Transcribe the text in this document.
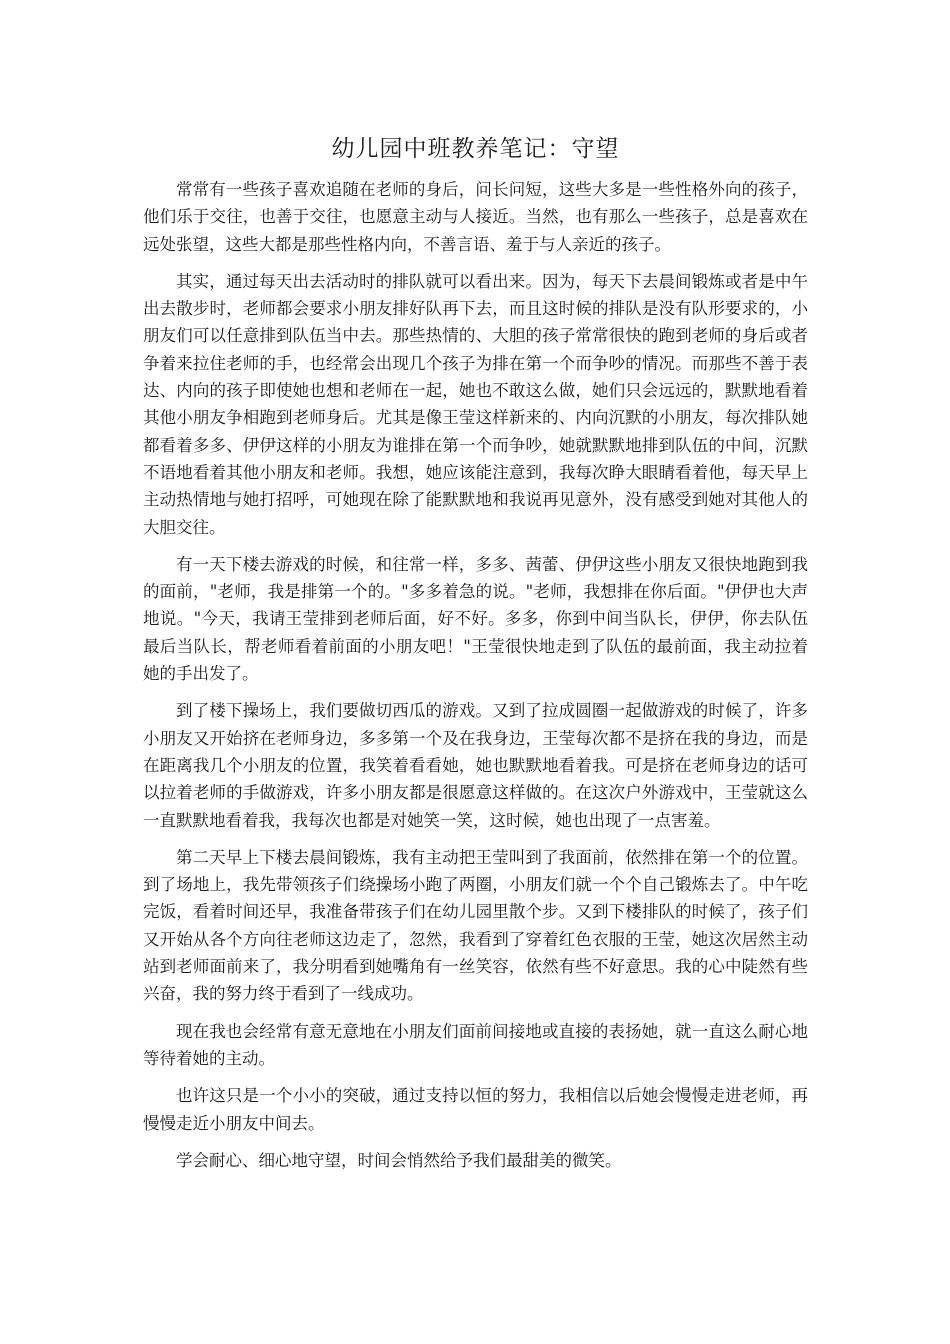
幼儿园中班教养笔记：守望

常常有一些孩子喜欢追随在老师的身后，问长问短，这些大多是一些性格外向的孩子，他们乐于交往，也善于交往，也愿意主动与人接近。当然，也有那么一些孩子，总是喜欢在远处张望，这些大都是那些性格内向，不善言语、羞于与人亲近的孩子。

其实，通过每天出去活动时的排队就可以看出来。因为，每天下去晨间锻炼或者是中午出去散步时，老师都会要求小朋友排好队再下去，而且这时候的排队是没有队形要求的，小朋友们可以任意排到队伍当中去。那些热情的、大胆的孩子常常很快的跑到老师的身后或者争着来拉住老师的手，也经常会出现几个孩子为排在第一个而争吵的情况。而那些不善于表达、内向的孩子即使她也想和老师在一起，她也不敢这么做，她们只会远远的，默默地看着其他小朋友争相跑到老师身后。尤其是像王莹这样新来的、内向沉默的小朋友，每次排队她都看着多多、伊伊这样的小朋友为谁排在第一个而争吵，她就默默地排到队伍的中间，沉默不语地看着其他小朋友和老师。我想，她应该能注意到，我每次睁大眼睛看着他，每天早上主动热情地与她打招呼，可她现在除了能默默地和我说再见意外，没有感受到她对其他人的大胆交往。

有一天下楼去游戏的时候，和往常一样，多多、茜蕾、伊伊这些小朋友又很快地跑到我的面前，"老师，我是排第一个的。"多多着急的说。"老师，我想排在你后面。"伊伊也大声地说。"今天，我请王莹排到老师后面，好不好。多多，你到中间当队长，伊伊，你去队伍最后当队长，帮老师看着前面的小朋友吧！"王莹很快地走到了队伍的最前面，我主动拉着她的手出发了。

到了楼下操场上，我们要做切西瓜的游戏。又到了拉成圆圈一起做游戏的时候了，许多小朋友又开始挤在老师身边，多多第一个及在我身边，王莹每次都不是挤在我的身边，而是在距离我几个小朋友的位置，我笑着看看她，她也默默地看着我。可是挤在老师身边的话可以拉着老师的手做游戏，许多小朋友都是很愿意这样做的。在这次户外游戏中，王莹就这么一直默默地看着我，我每次也都是对她笑一笑，这时候，她也出现了一点害羞。

第二天早上下楼去晨间锻炼，我有主动把王莹叫到了我面前，依然排在第一个的位置。到了场地上，我先带领孩子们绕操场小跑了两圈，小朋友们就一个个自己锻炼去了。中午吃完饭，看着时间还早，我准备带孩子们在幼儿园里散个步。又到下楼排队的时候了，孩子们又开始从各个方向往老师这边走了，忽然，我看到了穿着红色衣服的王莹，她这次居然主动站到老师面前来了，我分明看到她嘴角有一丝笑容，依然有些不好意思。我的心中陡然有些兴奋，我的努力终于看到了一线成功。

现在我也会经常有意无意地在小朋友们面前间接地或直接的表扬她，就一直这么耐心地等待着她的主动。

也许这只是一个小小的突破，通过支持以恒的努力，我相信以后她会慢慢走进老师，再慢慢走近小朋友中间去。

学会耐心、细心地守望，时间会悄然给予我们最甜美的微笑。
